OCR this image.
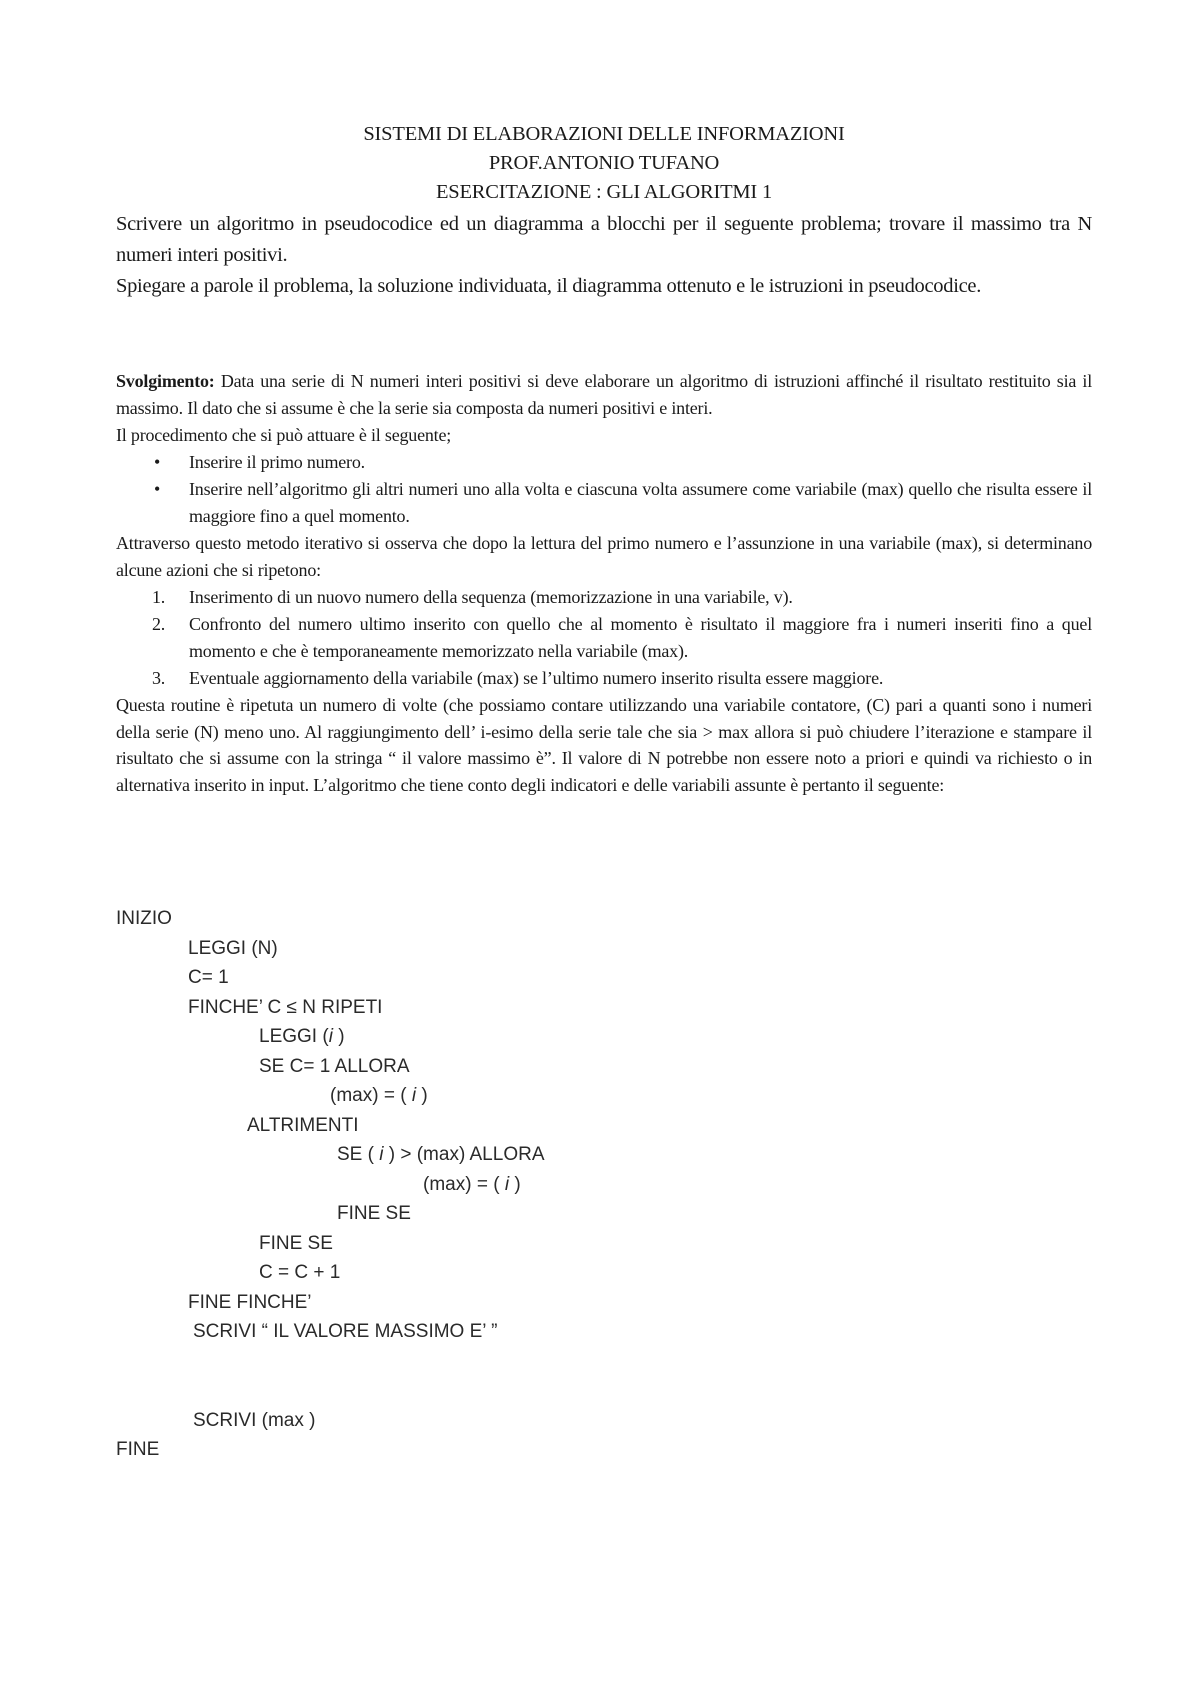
SISTEMI DI ELABORAZIONI DELLE INFORMAZIONI
PROF.ANTONIO TUFANO
ESERCITAZIONE : GLI ALGORITMI 1

Scrivere un algoritmo in pseudocodice ed un diagramma a blocchi per il seguente problema; trovare il massimo tra N numeri interi positivi.

Spiegare a parole il problema, la soluzione individuata, il diagramma ottenuto e le istruzioni in pseudocodice.

Svolgimento: Data una serie di N numeri interi positivi si deve elaborare un algoritmo di istruzioni affinché il risultato restituito sia il massimo. Il dato che si assume è che la serie sia composta da numeri positivi e interi.

Il procedimento che si può attuare è il seguente;

• Inserire il primo numero.
• Inserire nell’algoritmo gli altri numeri uno alla volta e ciascuna volta assumere come variabile (max) quello che risulta essere il maggiore fino a quel momento.

Attraverso questo metodo iterativo si osserva che dopo la lettura del primo numero e l’assunzione in una variabile (max), si determinano alcune azioni che si ripetono:

1. Inserimento di un nuovo numero della sequenza (memorizzazione in una variabile, v).
2. Confronto del numero ultimo inserito con quello che al momento è risultato il maggiore fra i numeri inseriti fino a quel momento e che è temporaneamente memorizzato nella variabile (max).
3. Eventuale aggiornamento della variabile (max) se l’ultimo numero inserito risulta essere maggiore.

Questa routine è ripetuta un numero di volte (che possiamo contare utilizzando una variabile contatore, (C) pari a quanti sono i numeri della serie (N) meno uno. Al raggiungimento dell’ i-esimo della serie tale che sia > max allora si può chiudere l’iterazione e stampare il risultato che si assume con la stringa “ il valore massimo è”. Il valore di N potrebbe non essere noto a priori e quindi va richiesto o in alternativa inserito in input. L’algoritmo che tiene conto degli indicatori e delle variabili assunte è pertanto il seguente:

INIZIO
LEGGI (N)
C= 1
FINCHE’ C ≤ N RIPETI
LEGGI (i )
SE C= 1 ALLORA
(max) = ( i )
ALTRIMENTI
SE ( i ) > (max) ALLORA
(max) = ( i )
FINE SE
FINE SE
C = C + 1
FINE FINCHE’
SCRIVI “ IL VALORE MASSIMO E’ ”
SCRIVI (max )
FINE
